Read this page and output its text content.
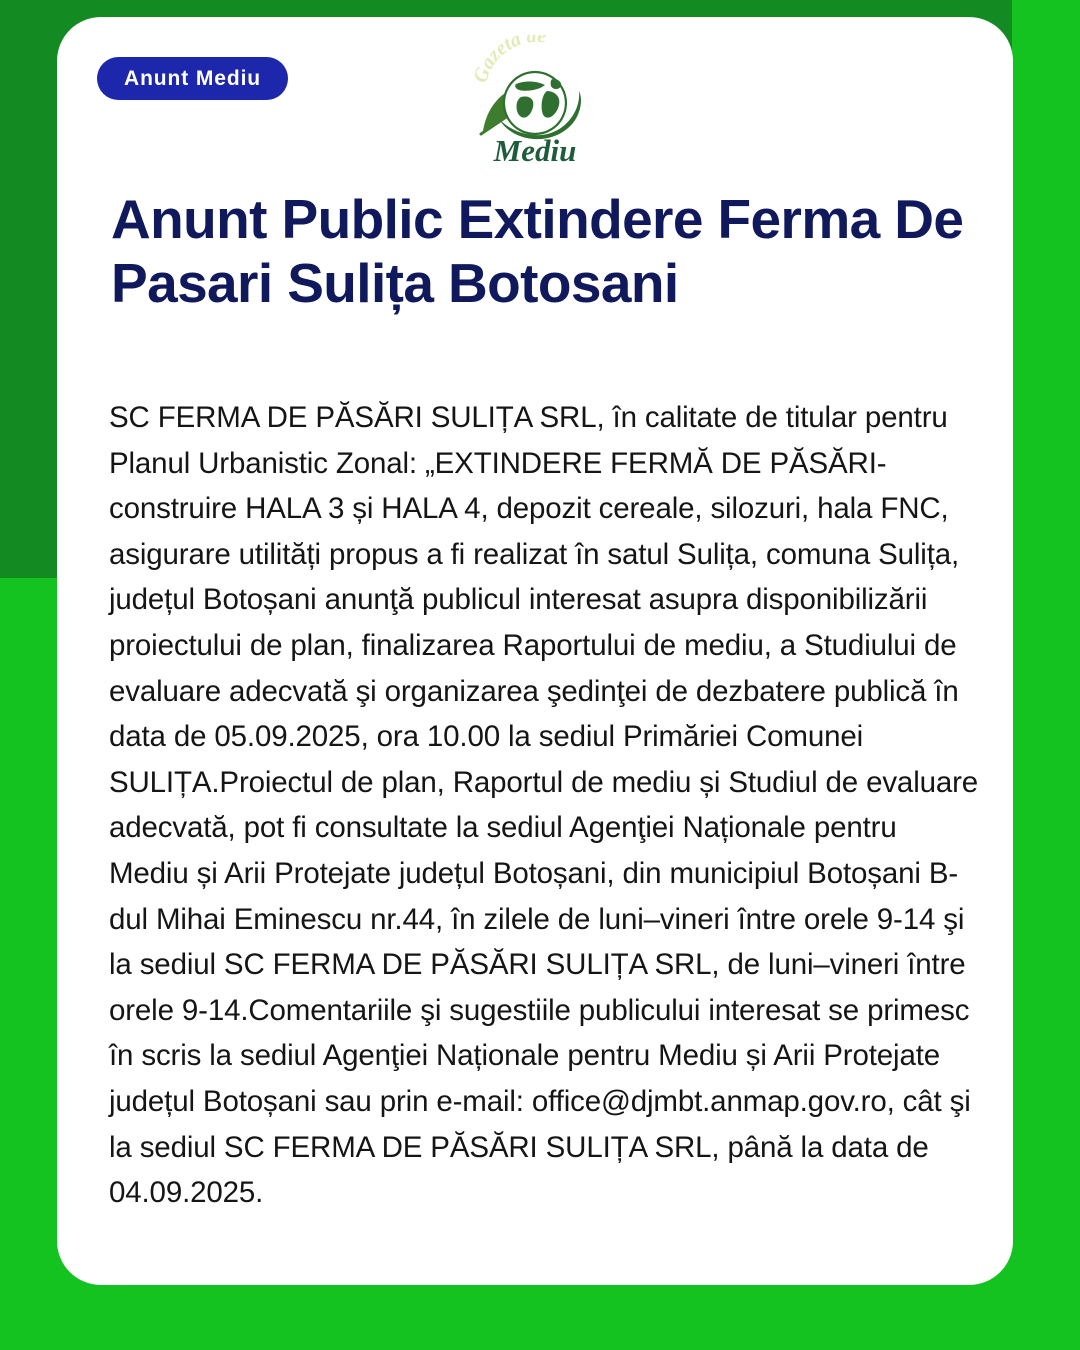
Anunt Mediu	Gazeta de
Mediu
Anunt Public Extindere Ferma De Pasari Sulița Botosani
SC FERMA DE PĂSĂRI SULIȚA SRL, în calitate de titular pentru Planul Urbanistic Zonal: „EXTINDERE FERMĂ DE PĂSĂRI-construire HALA 3 și HALA 4, depozit cereale, silozuri, hala FNC, asigurare utilități propus a fi realizat în satul Sulița, comuna Sulița, județul Botoșani anunţă publicul interesat asupra disponibilizării proiectului de plan, finalizarea Raportului de mediu, a Studiului de evaluare adecvată şi organizarea şedinţei de dezbatere publică în data de 05.09.2025, ora 10.00 la sediul Primăriei Comunei SULIȚA.Proiectul de plan, Raportul de mediu și Studiul de evaluare adecvată, pot fi consultate la sediul Agenţiei Naționale pentru Mediu și Arii Protejate județul Botoșani, din municipiul Botoșani B-dul Mihai Eminescu nr.44, în zilele de luni–vineri între orele 9-14 şi la sediul SC FERMA DE PĂSĂRI SULIȚA SRL, de luni–vineri între orele 9-14.Comentariile şi sugestiile publicului interesat se primesc în scris la sediul Agenţiei Naționale pentru Mediu și Arii Protejate județul Botoșani sau prin e-mail: office@djmbt.anmap.gov.ro, cât şi la sediul SC FERMA DE PĂSĂRI SULIȚA SRL, până la data de 04.09.2025.
